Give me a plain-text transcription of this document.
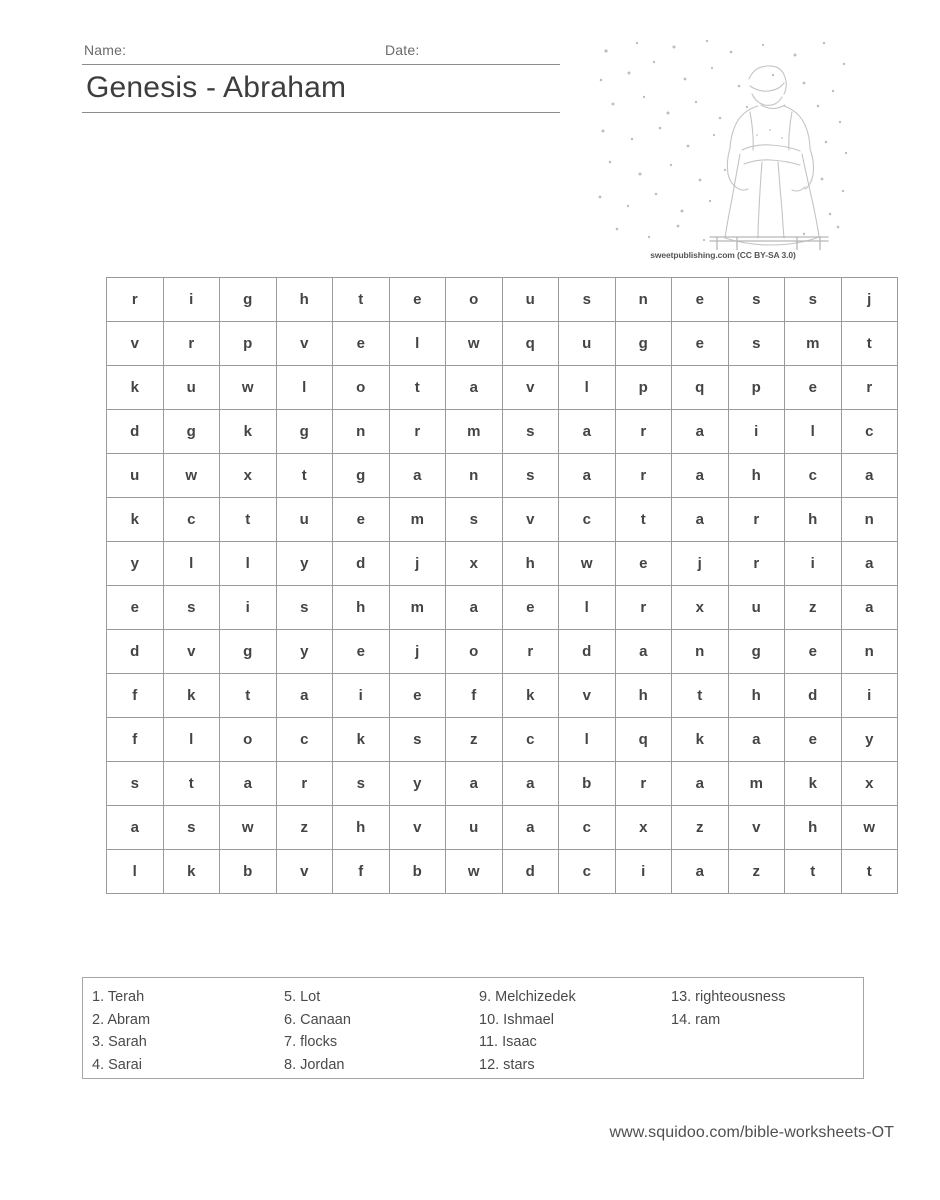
Name:	Date:
Genesis - Abraham
sweetpublishing.com (CC BY-SA 3.0)
r	i	g	h	t	e	o	u	s	n	e	s	s	j
v	r	p	v	e	l	w	q	u	g	e	s	m	t
k	u	w	l	o	t	a	v	l	p	q	p	e	r
d	g	k	g	n	r	m	s	a	r	a	i	l	c
u	w	x	t	g	a	n	s	a	r	a	h	c	a
k	c	t	u	e	m	s	v	c	t	a	r	h	n
y	l	l	y	d	j	x	h	w	e	j	r	i	a
e	s	i	s	h	m	a	e	l	r	x	u	z	a
d	v	g	y	e	j	o	r	d	a	n	g	e	n
f	k	t	a	i	e	f	k	v	h	t	h	d	i
f	l	o	c	k	s	z	c	l	q	k	a	e	y
s	t	a	r	s	y	a	a	b	r	a	m	k	x
a	s	w	z	h	v	u	a	c	x	z	v	h	w
l	k	b	v	f	b	w	d	c	i	a	z	t	t
1. Terah
2. Abram
3. Sarah
4. Sarai
5. Lot
6. Canaan
7. flocks
8. Jordan
9. Melchizedek
10. Ishmael
11. Isaac
12. stars
13. righteousness
14. ram
www.squidoo.com/bible-worksheets-OT
